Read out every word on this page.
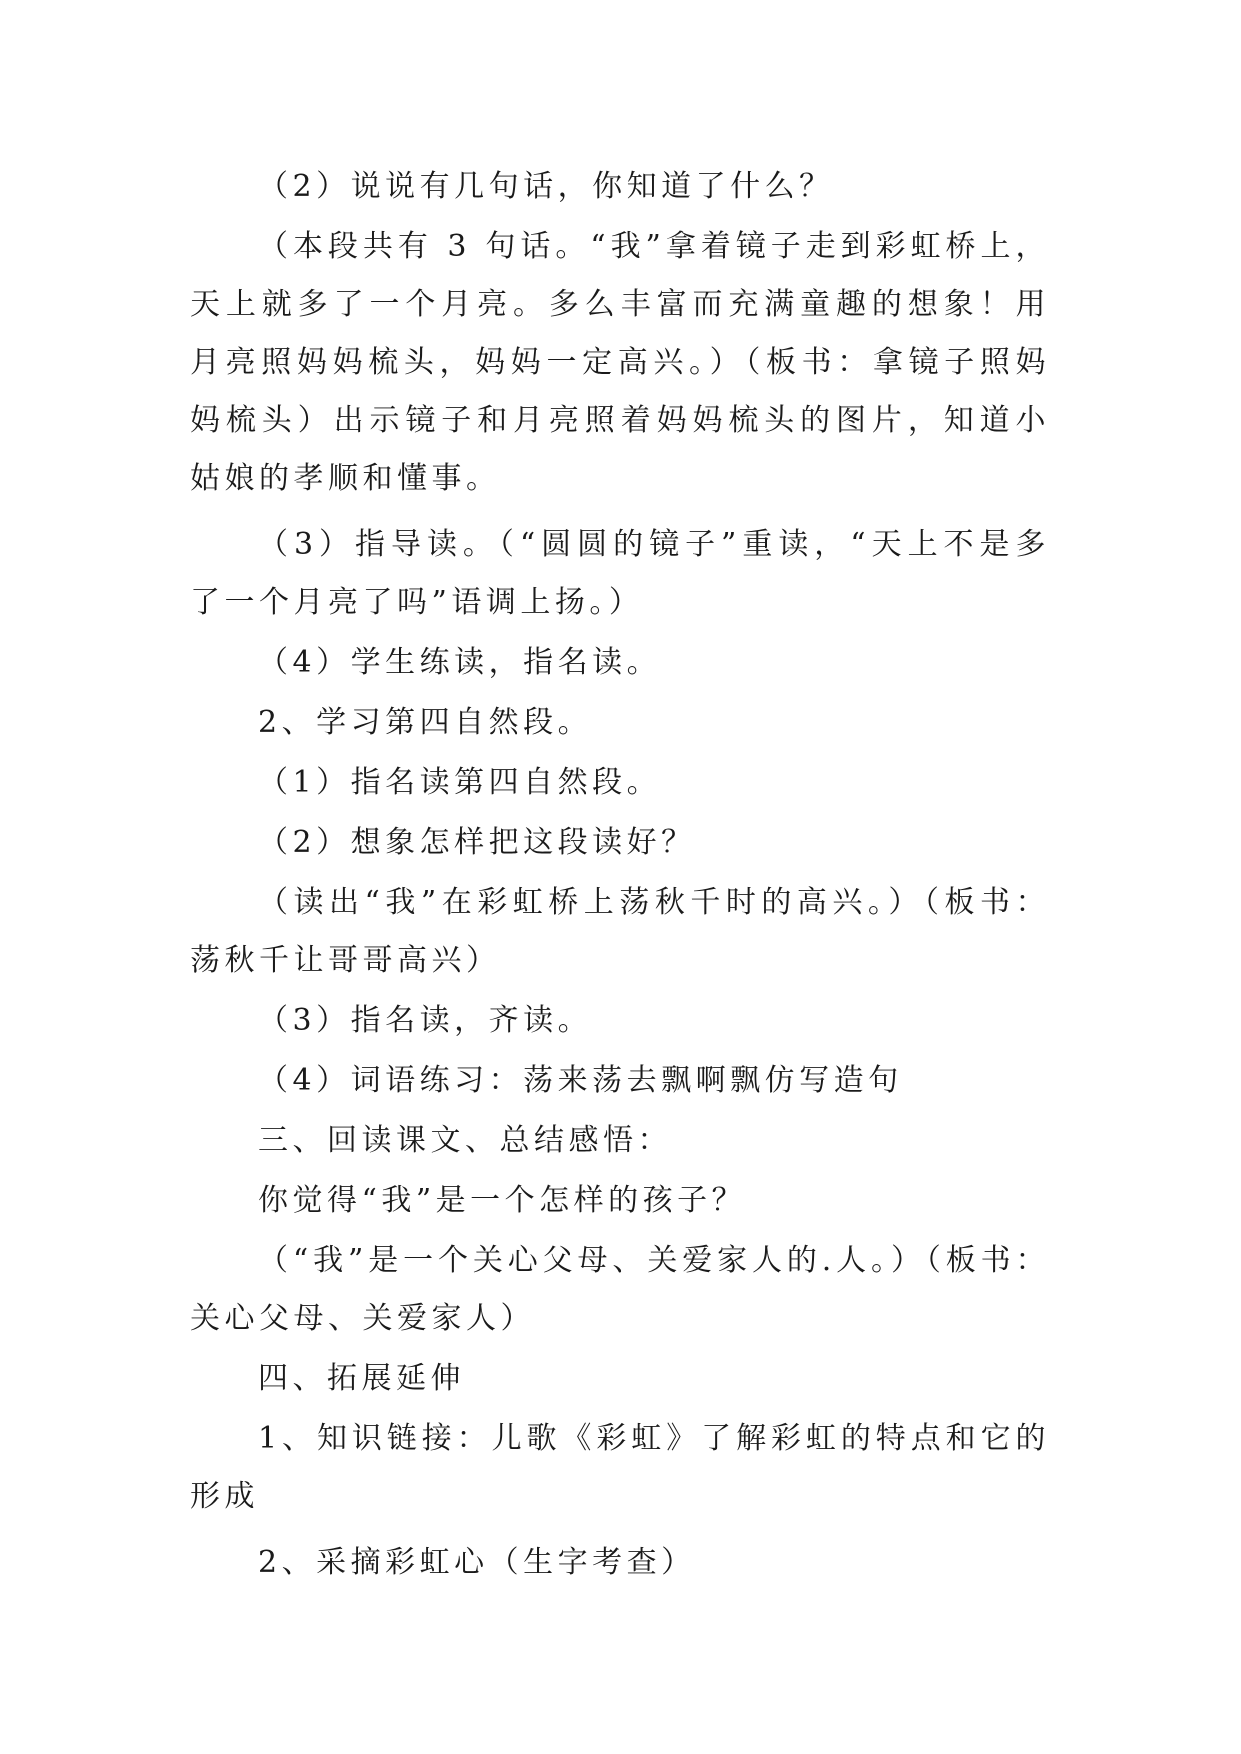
（2）说说有几句话，你知道了什么？

（本段共有 3 句话。“我”拿着镜子走到彩虹桥上，天上就多了一个月亮。多么丰富而充满童趣的想象！用月亮照妈妈梳头，妈妈一定高兴。）（板书：拿镜子照妈妈梳头）出示镜子和月亮照着妈妈梳头的图片，知道小姑娘的孝顺和懂事。

（3）指导读。（“圆圆的镜子”重读，“天上不是多了一个月亮了吗”语调上扬。）

（4）学生练读，指名读。

2、学习第四自然段。

（1）指名读第四自然段。

（2）想象怎样把这段读好？

（读出“我”在彩虹桥上荡秋千时的高兴。）（板书：荡秋千让哥哥高兴）

（3）指名读，齐读。

（4）词语练习：荡来荡去飘啊飘仿写造句

三、回读课文、总结感悟：

你觉得“我”是一个怎样的孩子？

（“我”是一个关心父母、关爱家人的.人。）（板书：关心父母、关爱家人）

四、拓展延伸

1、知识链接：儿歌《彩虹》了解彩虹的特点和它的形成

2、采摘彩虹心（生字考查）
